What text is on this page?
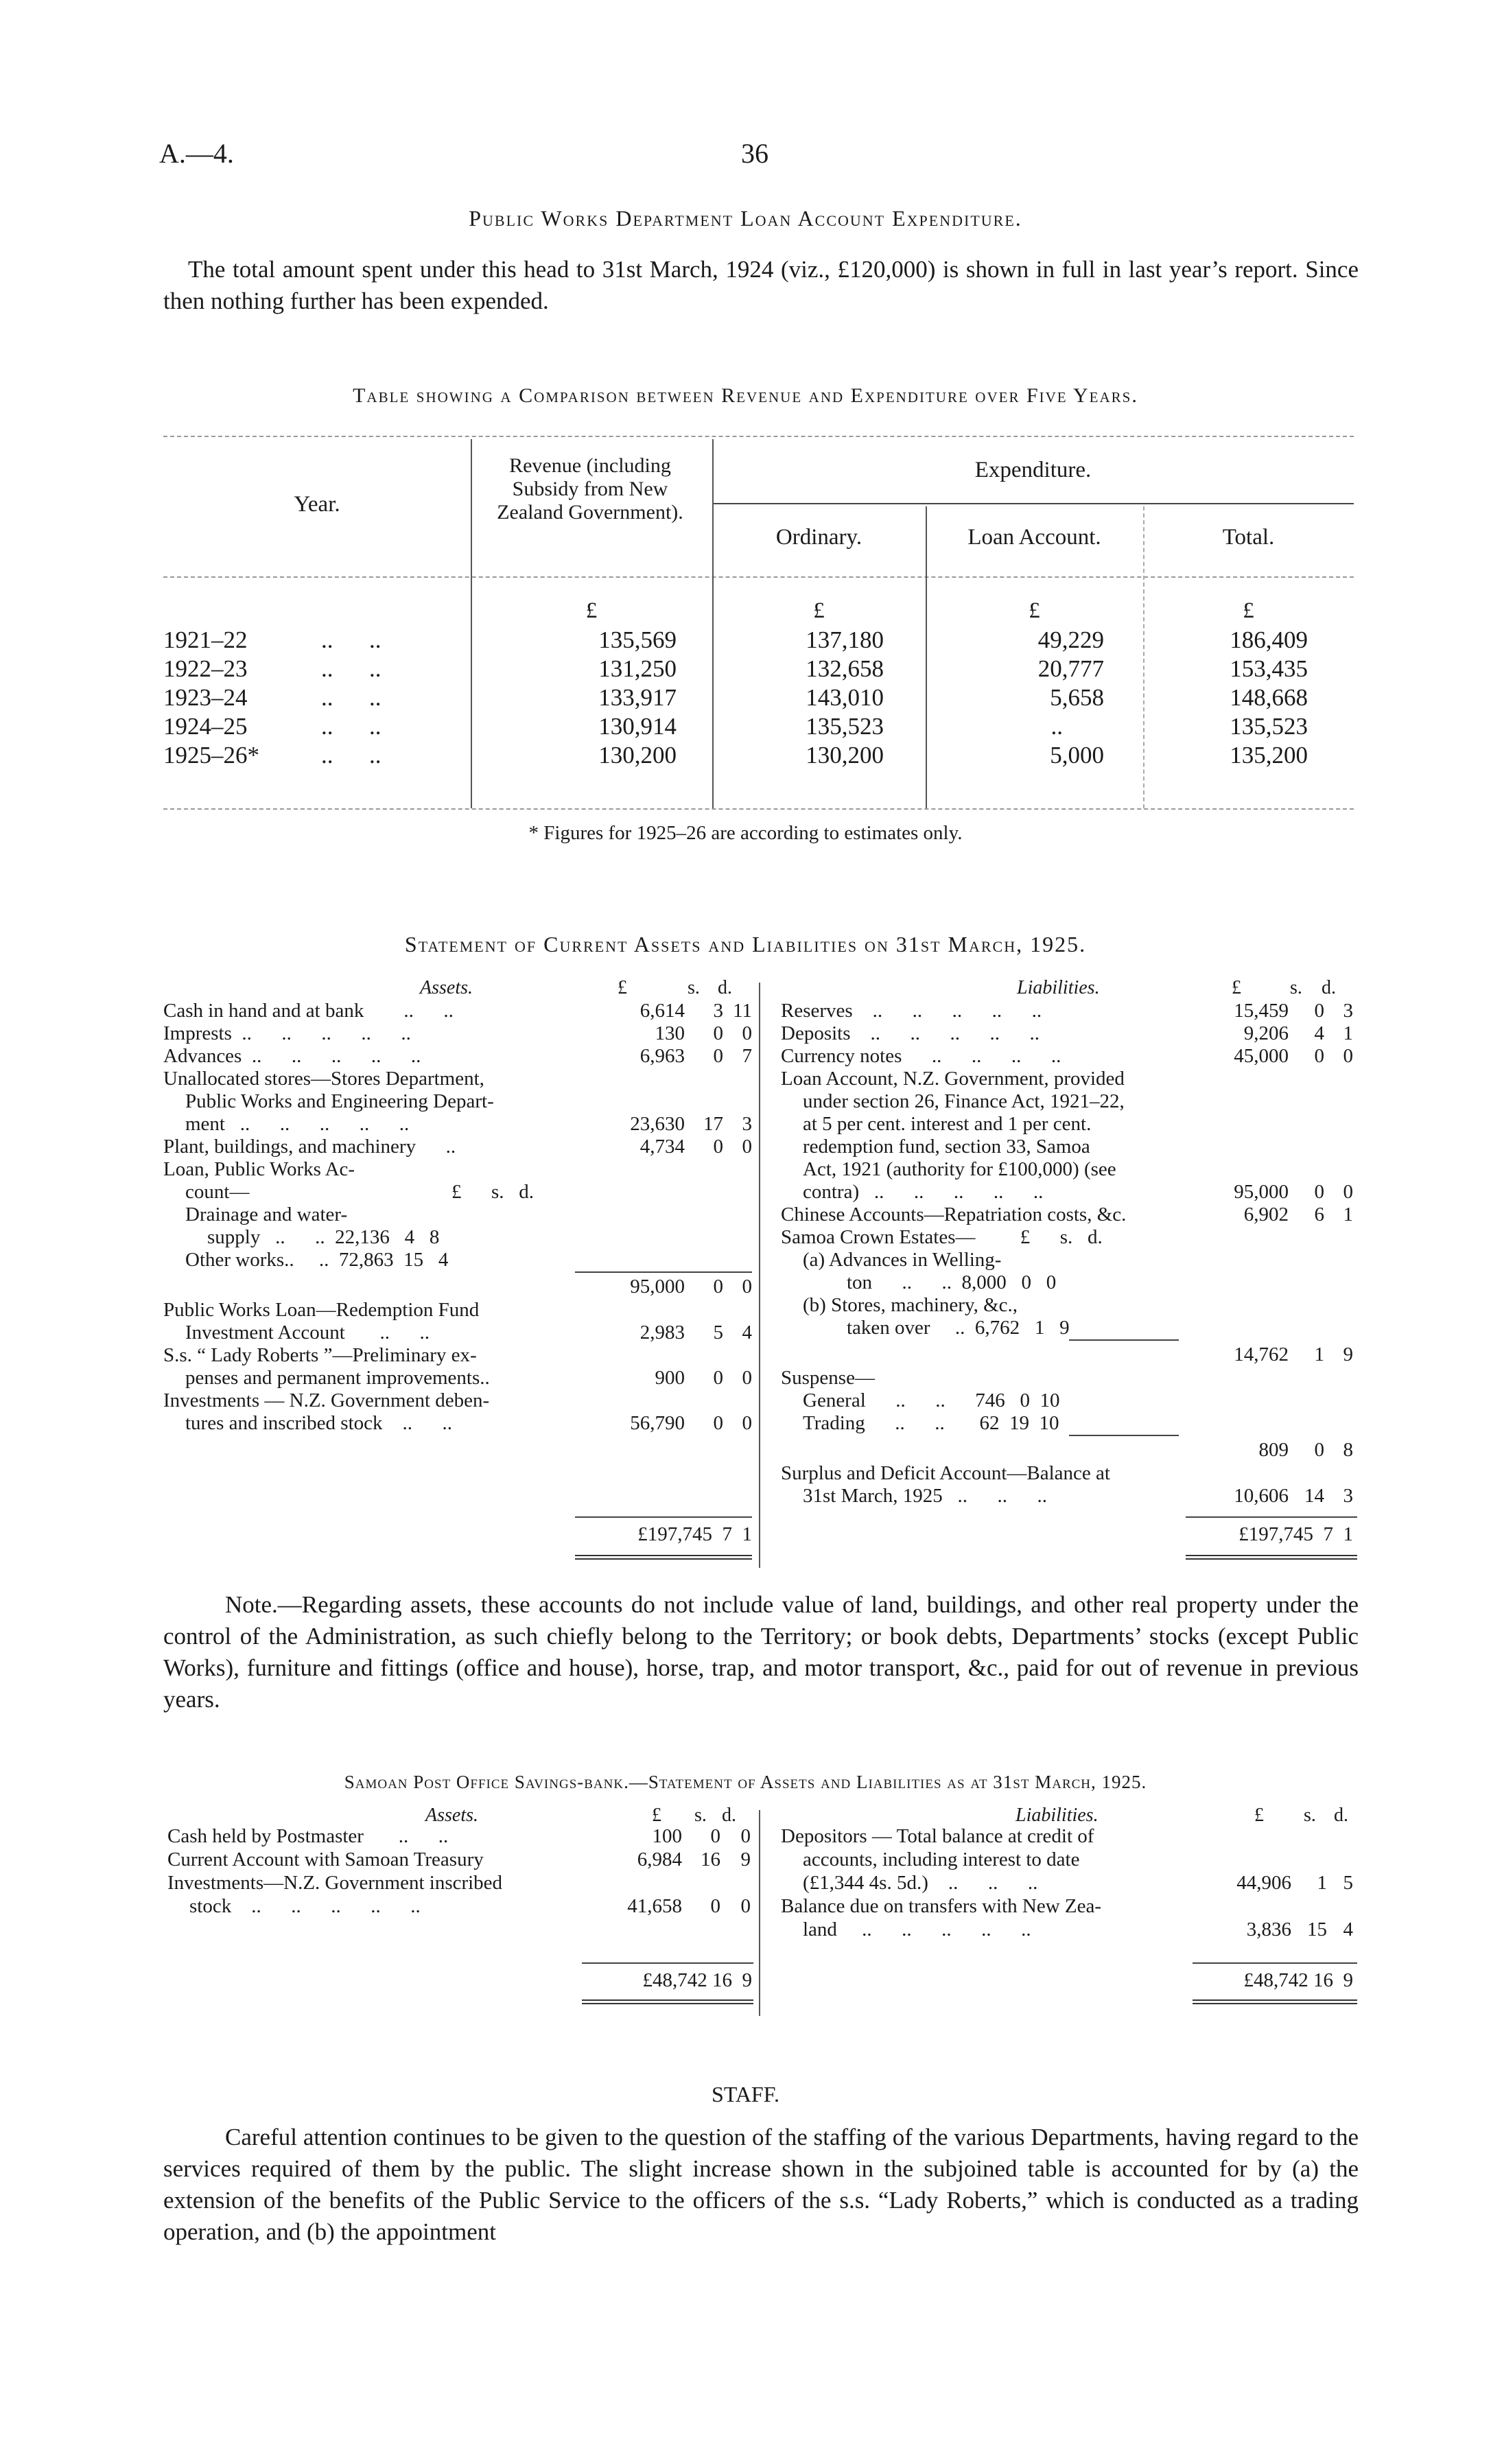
A.—4.	36
Public Works Department Loan Account Expenditure.
The total amount spent under this head to 31st March, 1924 (viz., £120,000) is shown in full in last year’s report. Since then nothing further has been expended.
Table showing a Comparison between Revenue and Expenditure over Five Years.
Year.
Revenue (including Subsidy from New Zealand Government).
Expenditure.
Ordinary.	Loan Account.	Total.
£	£	£	£
1921–22	..      ..	135,569	137,180	49,229	186,409
1922–23	..      ..	131,250	132,658	20,777	153,435
1923–24	..      ..	133,917	143,010	5,658	148,668
1924–25	..      ..	130,914	135,523	..	135,523
1925–26*	..      ..	130,200	130,200	5,000	135,200
* Figures for 1925–26 are according to estimates only.
Statement of Current Assets and Liabilities on 31st March, 1925.
Assets.	£	s. d.
Cash in hand and at bank        ..      ..	6,614	3 11
Imprests  ..      ..      ..      ..      ..	130	0 0
Advances  ..      ..      ..      ..      ..	6,963	0 7
Unallocated stores—Stores Department,
Public Works and Engineering Depart-
ment   ..      ..      ..      ..      ..	23,630 17 3
Plant, buildings, and machinery      ..	4,734	0 0
Loan, Public Works Ac-
count—	£      s.   d.
Drainage and water-
supply   ..      ..  22,136   4   8
Other works..     ..  72,863  15   4
95,000	0 0
Public Works Loan—Redemption Fund
Investment Account       ..      ..	2,983	5 4
S.s. “ Lady Roberts ”—Preliminary ex-
penses and permanent improvements..	900	0 0
Investments — N.Z. Government deben-
tures and inscribed stock    ..      ..	56,790	0 0
£197,745  7  1
Liabilities.	£	s. d.
Reserves    ..      ..      ..      ..      ..	15,459	0 3
Deposits    ..      ..      ..      ..      ..	9,206	4 1
Currency notes      ..      ..      ..      ..	45,000	0 0
Loan Account, N.Z. Government, provided
under section 26, Finance Act, 1921–22,
at 5 per cent. interest and 1 per cent.
redemption fund, section 33, Samoa
Act, 1921 (authority for £100,000) (see
contra)   ..      ..      ..      ..      ..	95,000	0 0
Chinese Accounts—Repatriation costs, &c.	6,902	6 1
Samoa Crown Estates—         £      s.   d.
(a) Advances in Welling-
ton      ..      ..  8,000   0   0
(b) Stores, machinery, &c.,
taken over     ..  6,762   1   9
14,762	1 9
Suspense—
General      ..      ..      746   0  10
Trading      ..      ..       62  19  10
809	0 8
Surplus and Deficit Account—Balance at
31st March, 1925   ..      ..      ..	10,606 14 3
£197,745  7  1
Note.—Regarding assets, these accounts do not include value of land, buildings, and other real property under the control of the Administration, as such chiefly belong to the Territory; or book debts, Departments’ stocks (except Public Works), furniture and fittings (office and house), horse, trap, and motor transport, &c., paid for out of revenue in previous years.
Samoan Post Office Savings-bank.—Statement of Assets and Liabilities as at 31st March, 1925.
Assets.	£ s. d.
Cash held by Postmaster       ..      ..	100	0	0
Current Account with Samoan Treasury	6,984 16	9
Investments—N.Z. Government inscribed
stock    ..      ..      ..      ..      ..	41,658	0	0
£48,742 16  9
Liabilities.	£ s. d.
Depositors — Total balance at credit of
accounts, including interest to date
(£1,344 4s. 5d.)    ..      ..      ..	44,906	1 5
Balance due on transfers with New Zea-
land     ..      ..      ..      ..      ..	3,836 15 4
£48,742 16  9
STAFF.
Careful attention continues to be given to the question of the staffing of the various Departments, having regard to the services required of them by the public. The slight increase shown in the subjoined table is accounted for by (a) the extension of the benefits of the Public Service to the officers of the s.s. “Lady Roberts,” which is conducted as a trading operation, and (b) the appointment
